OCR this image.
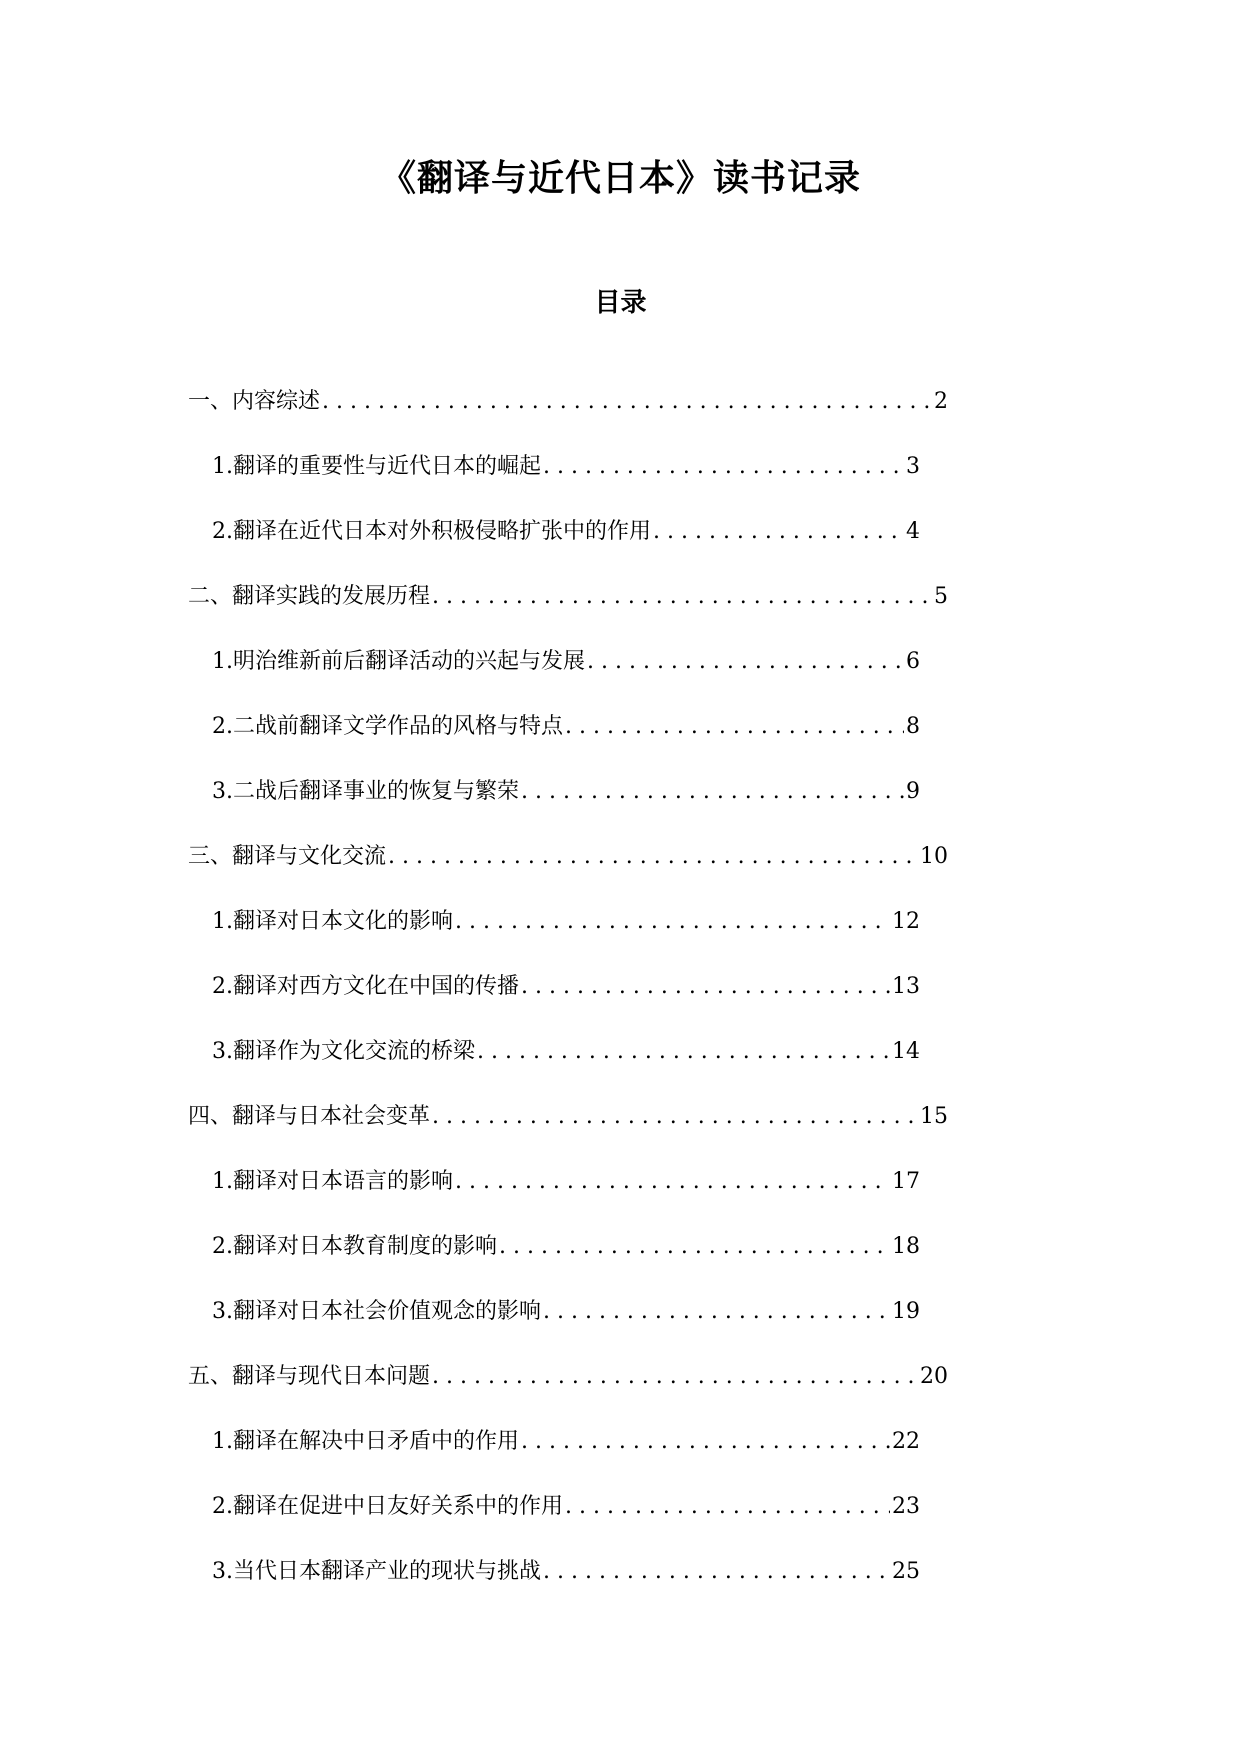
《翻译与近代日本》读书记录
目录
一、内容综述 . . .	2
1. 翻译的重要性与近代日本的崛起 . . .	3
2. 翻译在近代日本对外积极侵略扩张中的作用 . . .	4
二、翻译实践的发展历程 . . .	5
1. 明治维新前后翻译活动的兴起与发展 . . .	6
2. 二战前翻译文学作品的风格与特点 . . .	8
3. 二战后翻译事业的恢复与繁荣 . . .	9
三、翻译与文化交流 . . .	10
1. 翻译对日本文化的影响 . . .	12
2. 翻译对西方文化在中国的传播 . . .	13
3. 翻译作为文化交流的桥梁 . . .	14
四、翻译与日本社会变革 . . .	15
1. 翻译对日本语言的影响 . . .	17
2. 翻译对日本教育制度的影响 . . .	18
3. 翻译对日本社会价值观念的影响 . . .	19
五、翻译与现代日本问题 . . .	20
1. 翻译在解决中日矛盾中的作用 . . .	22
2. 翻译在促进中日友好关系中的作用 . . .	23
3. 当代日本翻译产业的现状与挑战 . . .	25
